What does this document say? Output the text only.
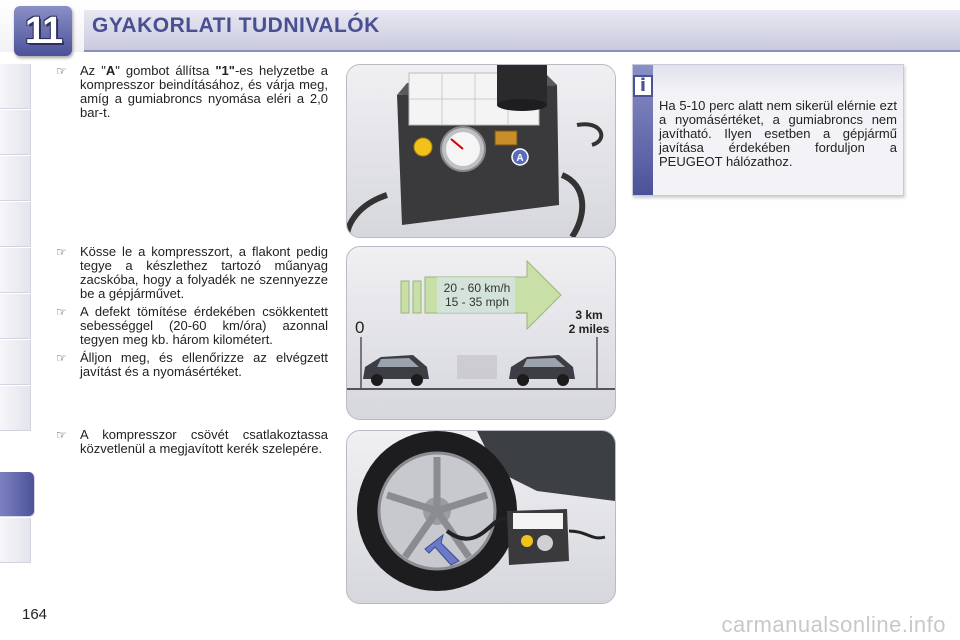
11 GYAKORLATI TUDNIVALÓK
☞	Az "A" gombot állítsa "1"-es helyzetbe a kompresszor beindításához, és várja meg, amíg a gumiabroncs nyomása eléri a 2,0 bar-t.
☞	Kösse le a kompresszort, a flakont pedig tegye a készlethez tartozó műanyag zacskóba, hogy a folyadék ne szennyezze be a gépjárművet.
☞	A defekt tömítése érdekében csökkentett sebességgel (20-60 km/óra) azonnal tegyen meg kb. három kilométert.
☞	Álljon meg, és ellenőrizze az elvégzett javítást és a nyomásértéket.
☞	A kompresszor csövét csatlakoztassa közvetlenül a megjavított kerék szelepére.
A
20 - 60 km/h
15 - 35 mph
0
3 km
2 miles
i
Ha 5-10 perc alatt nem sikerül elérnie ezt a nyomásértéket, a gumiabroncs nem javítható. Ilyen esetben a gépjármű javítása érdekében forduljon a PEUGEOT hálózathoz.
164	carmanualsonline.info
